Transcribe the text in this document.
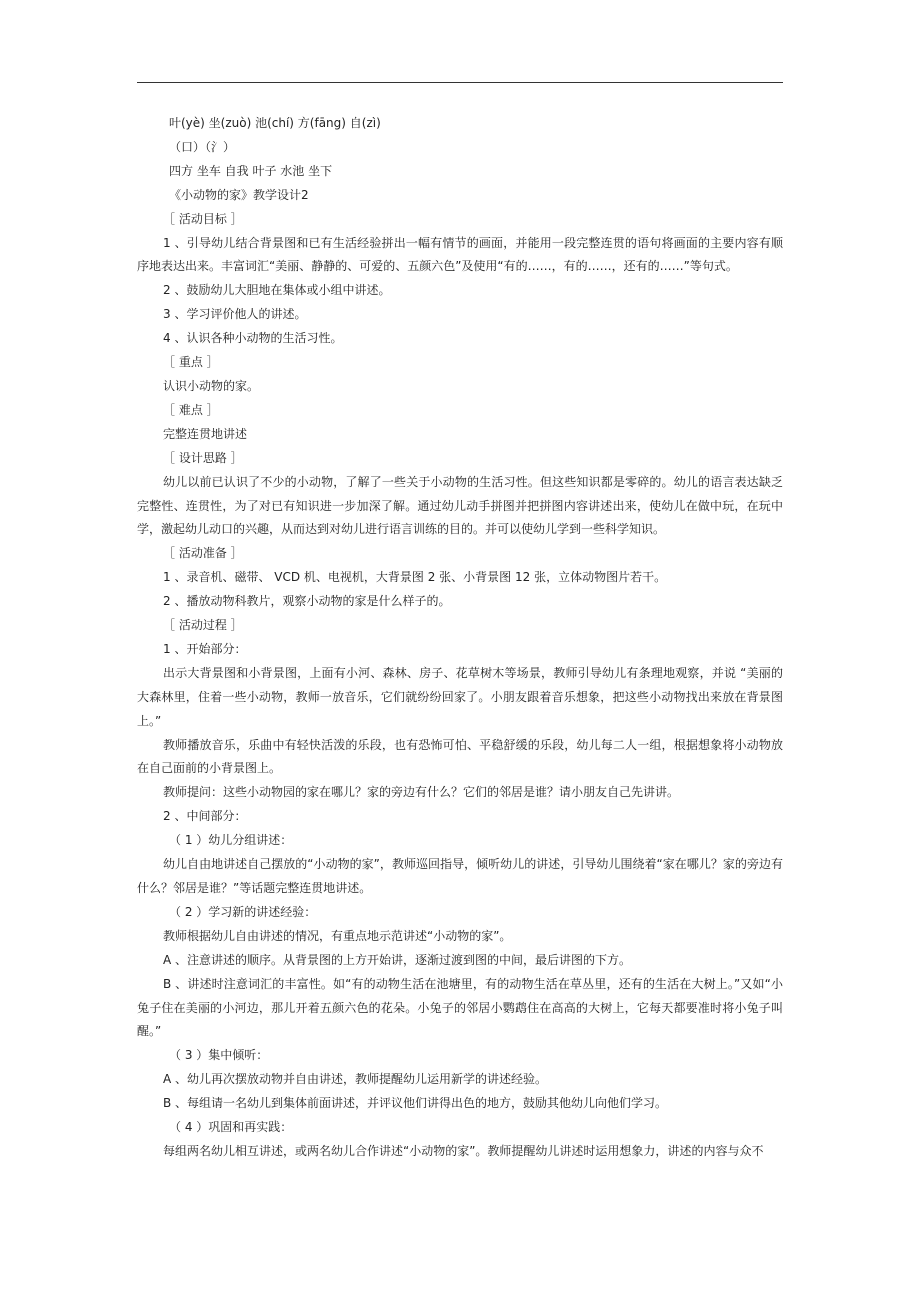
叶(yè) 坐(zuò) 池(chí) 方(fāng) 自(zì)

（口）（氵）

四方 坐车 自我 叶子 水池 坐下

《小动物的家》教学设计2

［ 活动目标 ］

1 、引导幼儿结合背景图和已有生活经验拼出一幅有情节的画面，并能用一段完整连贯的语句将画面的主要内容有顺序地表达出来。丰富词汇“美丽、静静的、可爱的、五颜六色”及使用“有的……，有的……，还有的……”等句式。

2 、鼓励幼儿大胆地在集体或小组中讲述。

3 、学习评价他人的讲述。

4 、认识各种小动物的生活习性。

［ 重点 ］

认识小动物的家。

［ 难点 ］

完整连贯地讲述

［ 设计思路 ］

幼儿以前已认识了不少的小动物，了解了一些关于小动物的生活习性。但这些知识都是零碎的。幼儿的语言表达缺乏完整性、连贯性，为了对已有知识进一步加深了解。通过幼儿动手拼图并把拼图内容讲述出来，使幼儿在做中玩，在玩中学，激起幼儿动口的兴趣，从而达到对幼儿进行语言训练的目的。并可以使幼儿学到一些科学知识。

［ 活动准备 ］

1 、录音机、磁带、 VCD 机、电视机，大背景图 2 张、小背景图 12 张，立体动物图片若干。

2 、播放动物科教片，观察小动物的家是什么样子的。

［ 活动过程 ］

1 、开始部分：

出示大背景图和小背景图，上面有小河、森林、房子、花草树木等场景，教师引导幼儿有条理地观察，并说 “美丽的大森林里，住着一些小动物，教师一放音乐，它们就纷纷回家了。小朋友跟着音乐想象，把这些小动物找出来放在背景图上。”

教师播放音乐，乐曲中有轻快活泼的乐段，也有恐怖可怕、平稳舒缓的乐段，幼儿每二人一组，根据想象将小动物放在自己面前的小背景图上。

教师提问：这些小动物园的家在哪儿？家的旁边有什么？它们的邻居是谁？请小朋友自己先讲讲。

2 、中间部分：

（ 1 ）幼儿分组讲述：

幼儿自由地讲述自己摆放的“小动物的家”，教师巡回指导，倾听幼儿的讲述，引导幼儿围绕着“家在哪儿？家的旁边有什么？邻居是谁？”等话题完整连贯地讲述。

（ 2 ）学习新的讲述经验：

教师根据幼儿自由讲述的情况，有重点地示范讲述“小动物的家”。

A 、注意讲述的顺序。从背景图的上方开始讲，逐渐过渡到图的中间，最后讲图的下方。

B 、讲述时注意词汇的丰富性。如“有的动物生活在池塘里，有的动物生活在草丛里，还有的生活在大树上。”又如“小兔子住在美丽的小河边，那儿开着五颜六色的花朵。小兔子的邻居小鹦鹉住在高高的大树上，它每天都要准时将小兔子叫醒。”

（ 3 ）集中倾听：

A 、幼儿再次摆放动物并自由讲述，教师提醒幼儿运用新学的讲述经验。

B 、每组请一名幼儿到集体前面讲述，并评议他们讲得出色的地方，鼓励其他幼儿向他们学习。

（ 4 ）巩固和再实践：

每组两名幼儿相互讲述，或两名幼儿合作讲述“小动物的家”。教师提醒幼儿讲述时运用想象力，讲述的内容与众不
